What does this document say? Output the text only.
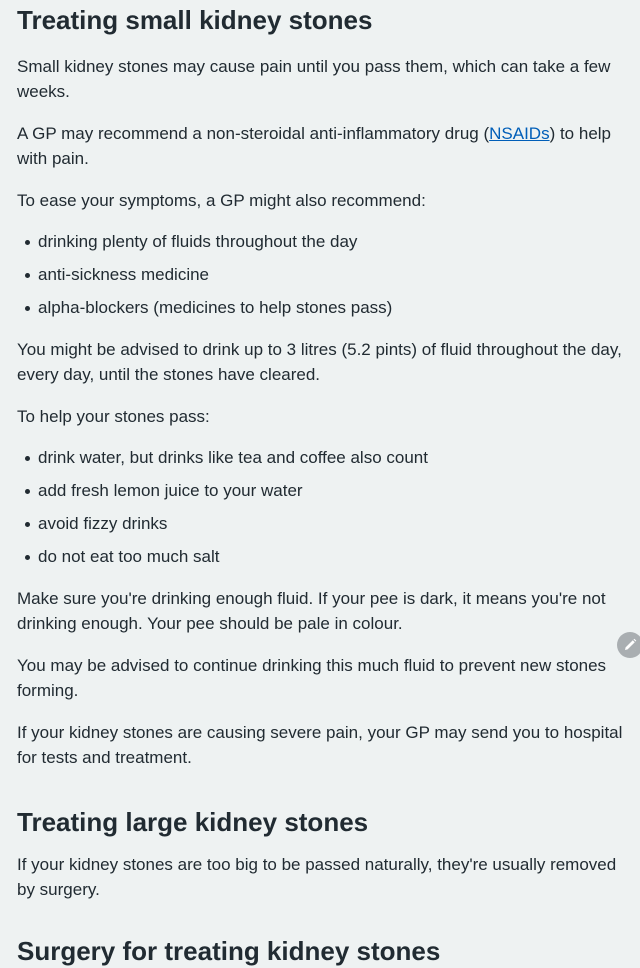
Treating small kidney stones

Small kidney stones may cause pain until you pass them, which can take a few weeks.

A GP may recommend a non-steroidal anti-inflammatory drug (NSAIDs) to help with pain.

To ease your symptoms, a GP might also recommend:

drinking plenty of fluids throughout the day
anti-sickness medicine
alpha-blockers (medicines to help stones pass)

You might be advised to drink up to 3 litres (5.2 pints) of fluid throughout the day, every day, until the stones have cleared.

To help your stones pass:

drink water, but drinks like tea and coffee also count
add fresh lemon juice to your water
avoid fizzy drinks
do not eat too much salt

Make sure you're drinking enough fluid. If your pee is dark, it means you're not drinking enough. Your pee should be pale in colour.

You may be advised to continue drinking this much fluid to prevent new stones forming.

If your kidney stones are causing severe pain, your GP may send you to hospital for tests and treatment.

Treating large kidney stones

If your kidney stones are too big to be passed naturally, they're usually removed by surgery.

Surgery for treating kidney stones
